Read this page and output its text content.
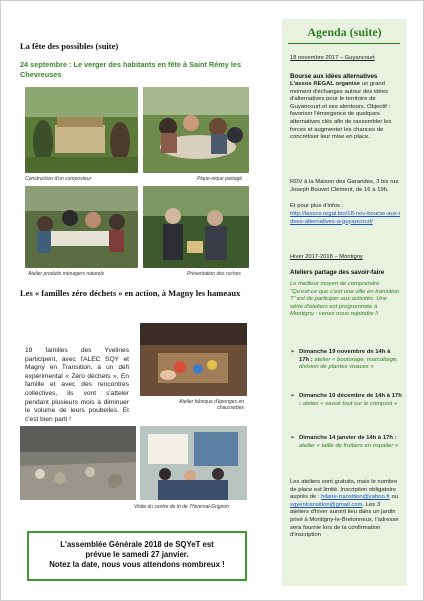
La fête des possibles (suite)
24 septembre : Le verger des habitants en fête à Saint Rémy les Chevreuses
Construction d'un composteur	Pique-nique partagé
Atelier produits ménagers naturels	Présentation des ruches
Les « familles zéro déchets » en action, à Magny les hameaux
19 familles des Yvelines participent, avec l'ALEC SQY et Magny en Transition, à un défi expérimental « Zéro déchets ». En famille et avec des rencontres collectives, ils vont s'atteler pendant plusieurs mois à diminuer le volume de leurs poubelles. Et c'est bien parti !
Atelier fabrique d'éponges en chaussettes
Visite du centre de tri de Thiverval-Grignon
L'assemblée Générale 2018 de SQYeT est
prévue le samedi 27 janvier.
Notez la date, nous vous attendons nombreux !
Agenda (suite)
18 novembre 2017 – Guyancourt
Bourse aux idées alternatives
L'assos REGAL organise un grand moment d'échanges autour des idées d'alternatives pour le territoire de Guyancourt et ses alentours. Objectif : favoriser l'émergence de quelques alternatives clés afin de rassembler les forces et augmenter les chances de concrétiser leur mise en place.
RDV à la Maison des Garandes, 3 bis rue Joseph Bouvet Clément, de 16 à 19h.
Et pour plus d'infos :
http://lassos.regal.bio/18-nov-bourse-aux-idees-alternatives-a-guyancourt/
Hiver 2017-2018 – Montigny
Ateliers partage des savoir-faire
Le meilleur moyen de comprendre "Qu'est-ce que c'est une ville en transition ?" est de participer aux activités. Une série d'ateliers est programmée à Montigny : venez nous rejoindre !!
➢ Dimanche 19 novembre de 14h à 17h : atelier « bouturage, marcottage, division de plantes vivaces »
➢ Dimanche 10 décembre de 14h à 17h : atelier « savoir tout sur le compost »
➢ Dimanche 14 janvier de 14h à 17h : atelier « taille de fruitiers en espalier »
Les ateliers sont gratuits, mais le nombre de place est limité. Inscription obligatoire auprès de : hilaire-transition@yahoo.fr ou sqyentransition@gmail.com. Les 3 ateliers d'hiver auront lieu dans un jardin privé à Montigny-le-Bretonneux, l'adresse sera fournie lors de la confirmation d'inscription
